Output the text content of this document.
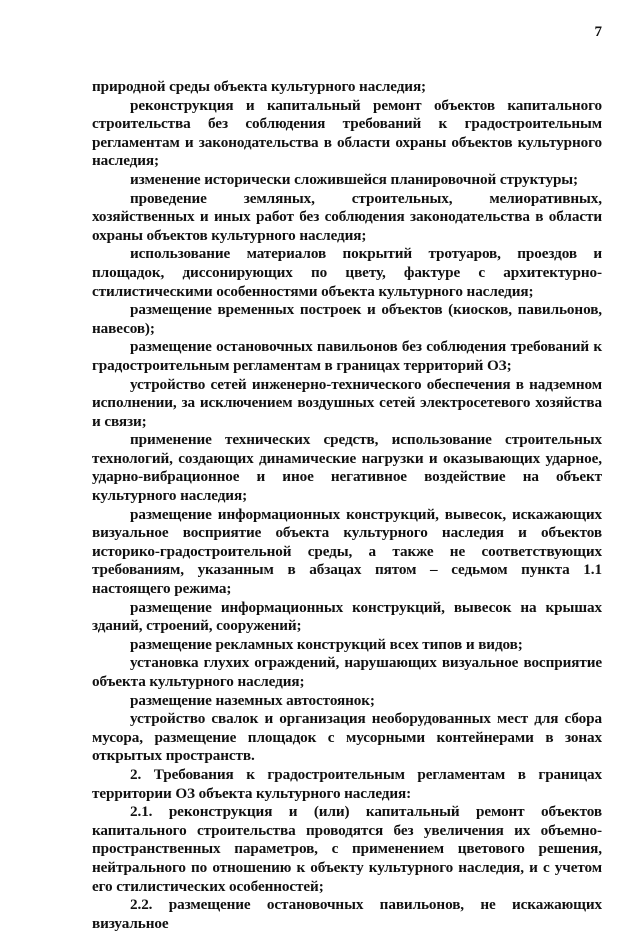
7

природной среды объекта культурного наследия;

реконструкция и капитальный ремонт объектов капитального строительства без соблюдения требований к градостроительным регламентам и законодательства в области охраны объектов культурного наследия;

изменение исторически сложившейся планировочной структуры;

проведение земляных, строительных, мелиоративных, хозяйственных и иных работ без соблюдения законодательства в области охраны объектов культурного наследия;

использование материалов покрытий тротуаров, проездов и площадок, диссонирующих по цвету, фактуре с архитектурно-стилистическими особенностями объекта культурного наследия;

размещение временных построек и объектов (киосков, павильонов, навесов);

размещение остановочных павильонов без соблюдения требований к градостроительным регламентам в границах территорий ОЗ;

устройство сетей инженерно-технического обеспечения в надземном исполнении, за исключением воздушных сетей электросетевого хозяйства и связи;

применение технических средств, использование строительных технологий, создающих динамические нагрузки и оказывающих ударное, ударно-вибрационное и иное негативное воздействие на объект культурного наследия;

размещение информационных конструкций, вывесок, искажающих визуальное восприятие объекта культурного наследия и объектов историко-градостроительной среды, а также не соответствующих требованиям, указанным в абзацах пятом – седьмом пункта 1.1 настоящего режима;

размещение информационных конструкций, вывесок на крышах зданий, строений, сооружений;

размещение рекламных конструкций всех типов и видов;

установка глухих ограждений, нарушающих визуальное восприятие объекта культурного наследия;

размещение наземных автостоянок;

устройство свалок и организация необорудованных мест для сбора мусора, размещение площадок с мусорными контейнерами в зонах открытых пространств.

2. Требования к градостроительным регламентам в границах территории ОЗ объекта культурного наследия:

2.1. реконструкция и (или) капитальный ремонт объектов капитального строительства проводятся без увеличения их объемно-пространственных параметров, с применением цветового решения, нейтрального по отношению к объекту культурного наследия, и с учетом его стилистических особенностей;

2.2. размещение остановочных павильонов, не искажающих визуальное
